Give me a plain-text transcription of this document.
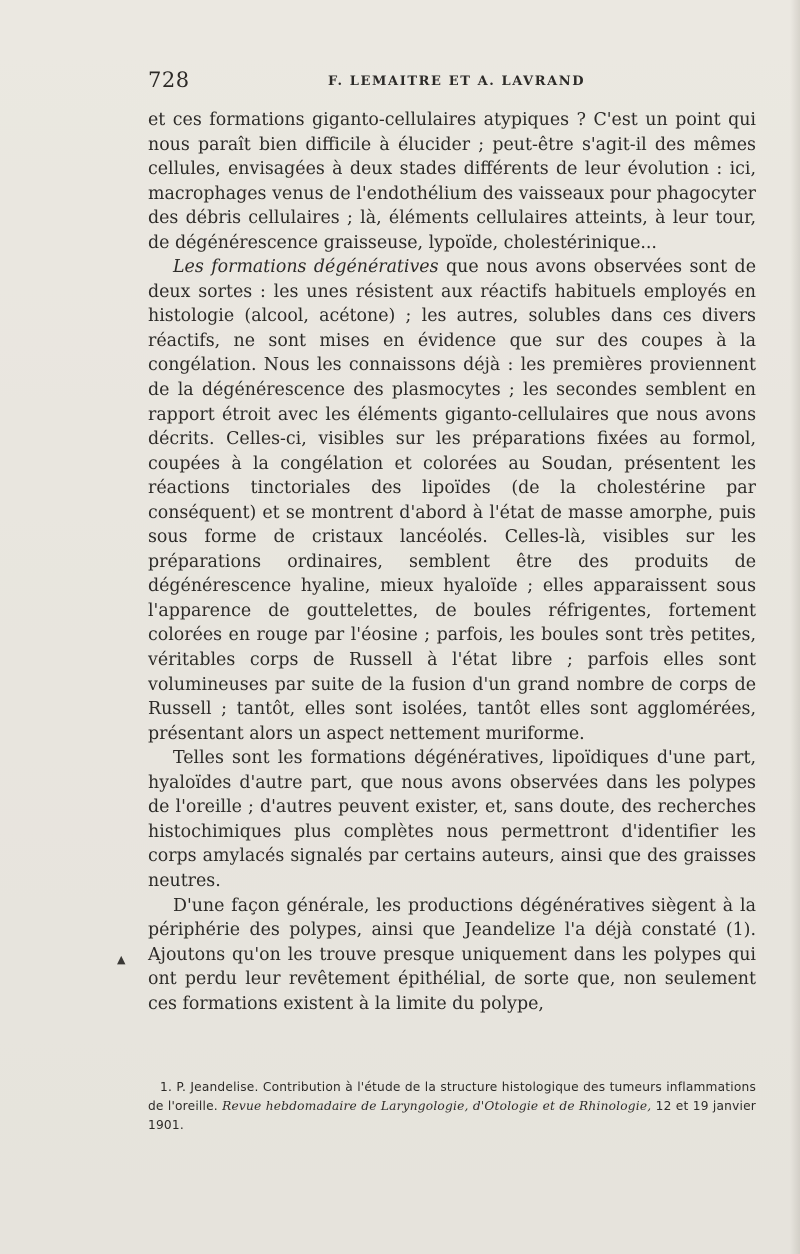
728	F. LEMAITRE ET A. LAVRAND

et ces formations giganto-cellulaires atypiques ? C'est un point qui nous paraît bien difficile à élucider ; peut-être s'agit-il des mêmes cellules, envisagées à deux stades différents de leur évolution : ici, macrophages venus de l'endothélium des vaisseaux pour phagocyter des débris cellulaires ; là, éléments cellulaires atteints, à leur tour, de dégénérescence graisseuse, lypoïde, cholestérinique...

Les formations dégénératives que nous avons observées sont de deux sortes : les unes résistent aux réactifs habituels employés en histologie (alcool, acétone) ; les autres, solubles dans ces divers réactifs, ne sont mises en évidence que sur des coupes à la congélation. Nous les connaissons déjà : les premières proviennent de la dégénérescence des plasmocytes ; les secondes semblent en rapport étroit avec les éléments giganto-cellulaires que nous avons décrits. Celles-ci, visibles sur les préparations fixées au formol, coupées à la congélation et colorées au Soudan, présentent les réactions tinctoriales des lipoïdes (de la cholestérine par conséquent) et se montrent d'abord à l'état de masse amorphe, puis sous forme de cristaux lancéolés. Celles-là, visibles sur les préparations ordinaires, semblent être des produits de dégénérescence hyaline, mieux hyaloïde ; elles apparaissent sous l'apparence de gouttelettes, de boules réfrigentes, fortement colorées en rouge par l'éosine ; parfois, les boules sont très petites, véritables corps de Russell à l'état libre ; parfois elles sont volumineuses par suite de la fusion d'un grand nombre de corps de Russell ; tantôt, elles sont isolées, tantôt elles sont agglomérées, présentant alors un aspect nettement muriforme.

Telles sont les formations dégénératives, lipoïdiques d'une part, hyaloïdes d'autre part, que nous avons observées dans les polypes de l'oreille ; d'autres peuvent exister, et, sans doute, des recherches histochimiques plus complètes nous permettront d'identifier les corps amylacés signalés par certains auteurs, ainsi que des graisses neutres.

D'une façon générale, les productions dégénératives siègent à la périphérie des polypes, ainsi que Jeandelize l'a déjà constaté (1). Ajoutons qu'on les trouve presque uniquement dans les polypes qui ont perdu leur revêtement épithélial, de sorte que, non seulement ces formations existent à la limite du polype,

▲

1. P. Jeandelise. Contribution à l'étude de la structure histologique des tumeurs inflammations de l'oreille. Revue hebdomadaire de Laryngologie, d'Otologie et de Rhinologie, 12 et 19 janvier 1901.
